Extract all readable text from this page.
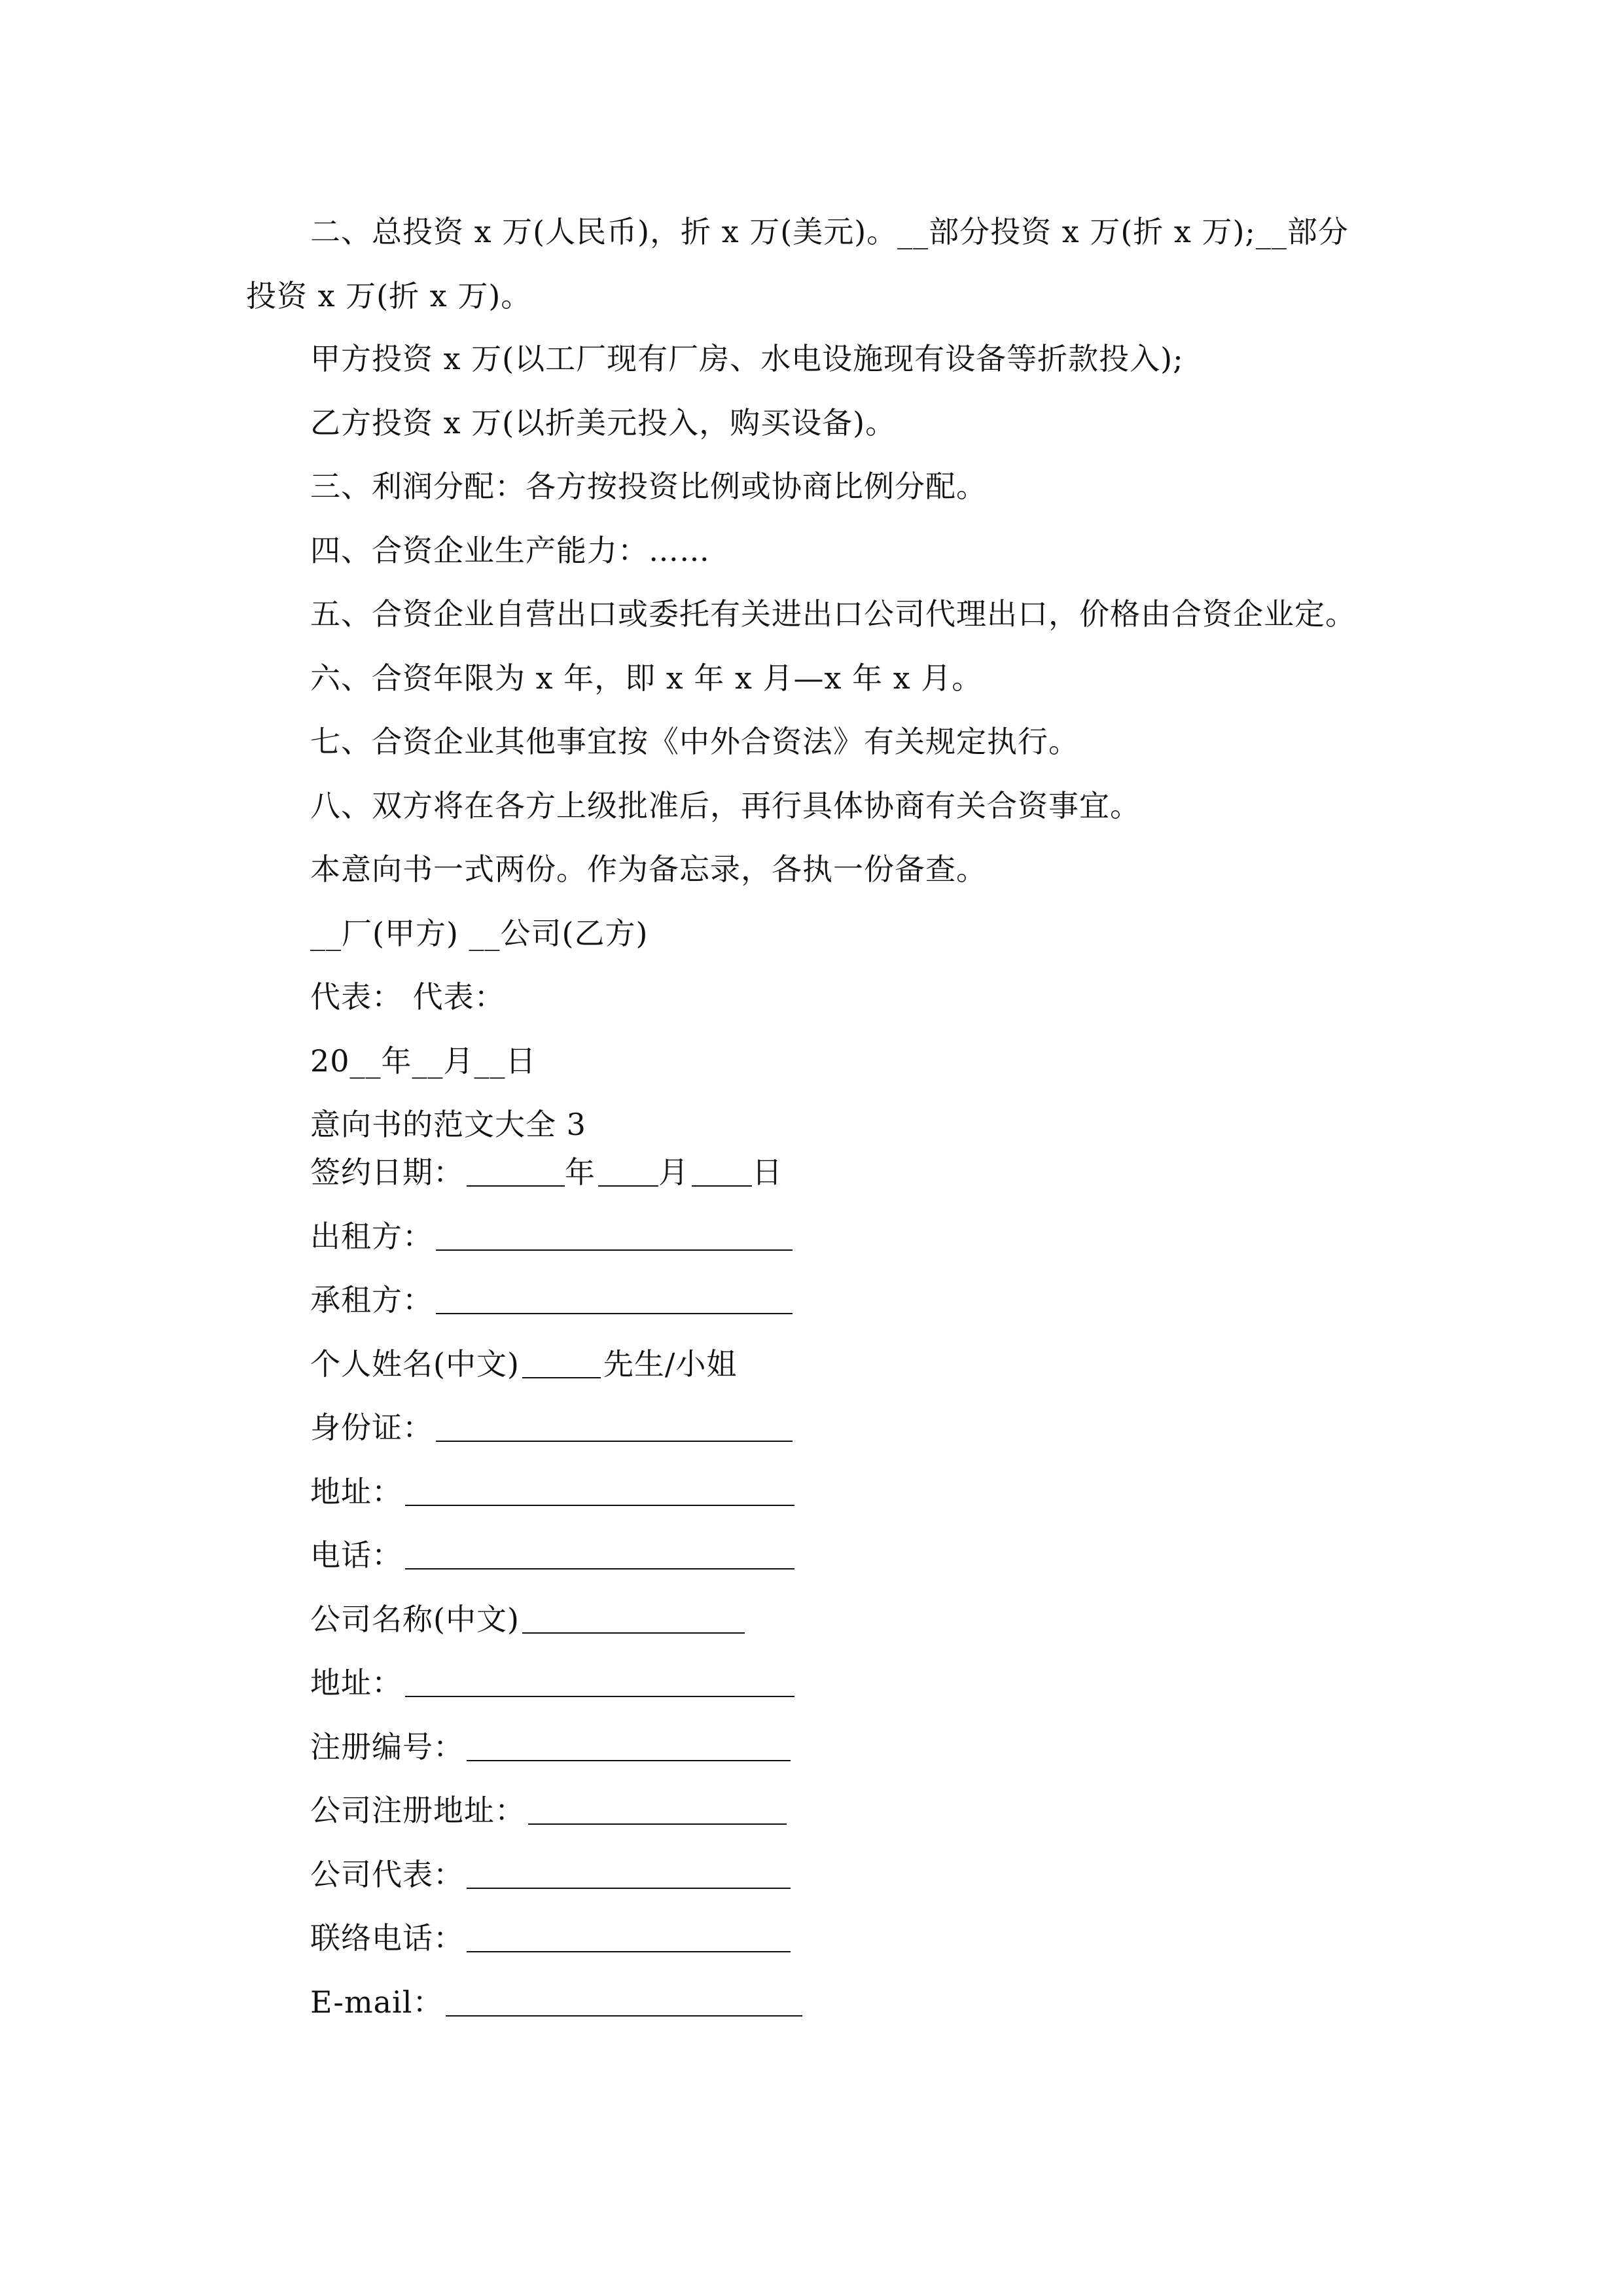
二、总投资 x 万(人民币)，折 x 万(美元)。__部分投资 x 万(折 x 万);__部分投资 x 万(折 x 万)。

甲方投资 x 万(以工厂现有厂房、水电设施现有设备等折款投入);

乙方投资 x 万(以折美元投入，购买设备)。

三、利润分配：各方按投资比例或协商比例分配。

四、合资企业生产能力：……

五、合资企业自营出口或委托有关进出口公司代理出口，价格由合资企业定。

六、合资年限为 x 年，即 x 年 x 月—x 年 x 月。

七、合资企业其他事宜按《中外合资法》有关规定执行。

八、双方将在各方上级批准后，再行具体协商有关合资事宜。

本意向书一式两份。作为备忘录，各执一份备查。

__厂(甲方) __公司(乙方)

代表： 代表：

20__年__月__日

意向书的范文大全 3

签约日期：	年 月 日
出租方：
承租方：
个人姓名(中文)	先生/小姐
身份证：
地址：
电话：
公司名称(中文)
地址：
注册编号：
公司注册地址：
公司代表：
联络电话：
E-mail：
